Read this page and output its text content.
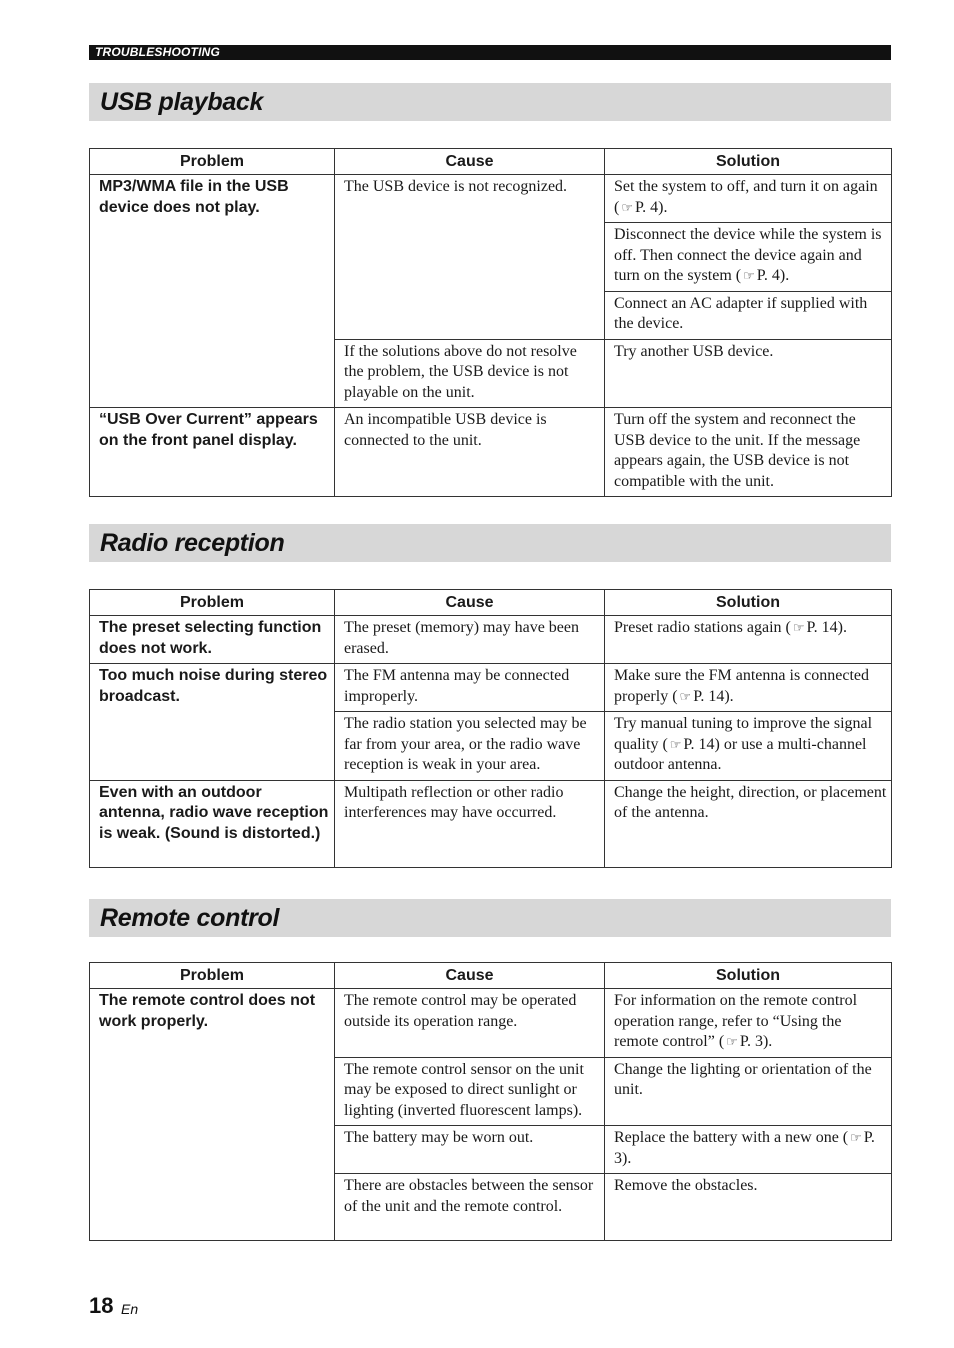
TROUBLESHOOTING
USB playback
Problem	Cause	Solution
MP3/WMA file in the USB device does not play.	The USB device is not recognized.	Set the system to off, and turn it on again ( ☞ P. 4).
		Disconnect the device while the system is off. Then connect the device again and turn on the system ( ☞ P. 4).
		Connect an AC adapter if supplied with the device.
	If the solutions above do not resolve the problem, the USB device is not playable on the unit.	Try another USB device.
“USB Over Current” appears on the front panel display.	An incompatible USB device is connected to the unit.	Turn off the system and reconnect the USB device to the unit. If the message appears again, the USB device is not compatible with the unit.
Radio reception
Problem	Cause	Solution
The preset selecting function does not work.	The preset (memory) may have been erased.	Preset radio stations again ( ☞ P. 14).
Too much noise during stereo broadcast.	The FM antenna may be connected improperly.	Make sure the FM antenna is connected properly ( ☞ P. 14).
	The radio station you selected may be far from your area, or the radio wave reception is weak in your area.	Try manual tuning to improve the signal quality ( ☞ P. 14) or use a multi-channel outdoor antenna.
Even with an outdoor antenna, radio wave reception is weak. (Sound is distorted.)	Multipath reflection or other radio interferences may have occurred.	Change the height, direction, or placement of the antenna.
Remote control
Problem	Cause	Solution
The remote control does not work properly.	The remote control may be operated outside its operation range.	For information on the remote control operation range, refer to “Using the remote control” ( ☞ P. 3).
	The remote control sensor on the unit may be exposed to direct sunlight or lighting (inverted fluorescent lamps).	Change the lighting or orientation of the unit.
	The battery may be worn out.	Replace the battery with a new one ( ☞ P. 3).
	There are obstacles between the sensor of the unit and the remote control.	Remove the obstacles.
18 En
